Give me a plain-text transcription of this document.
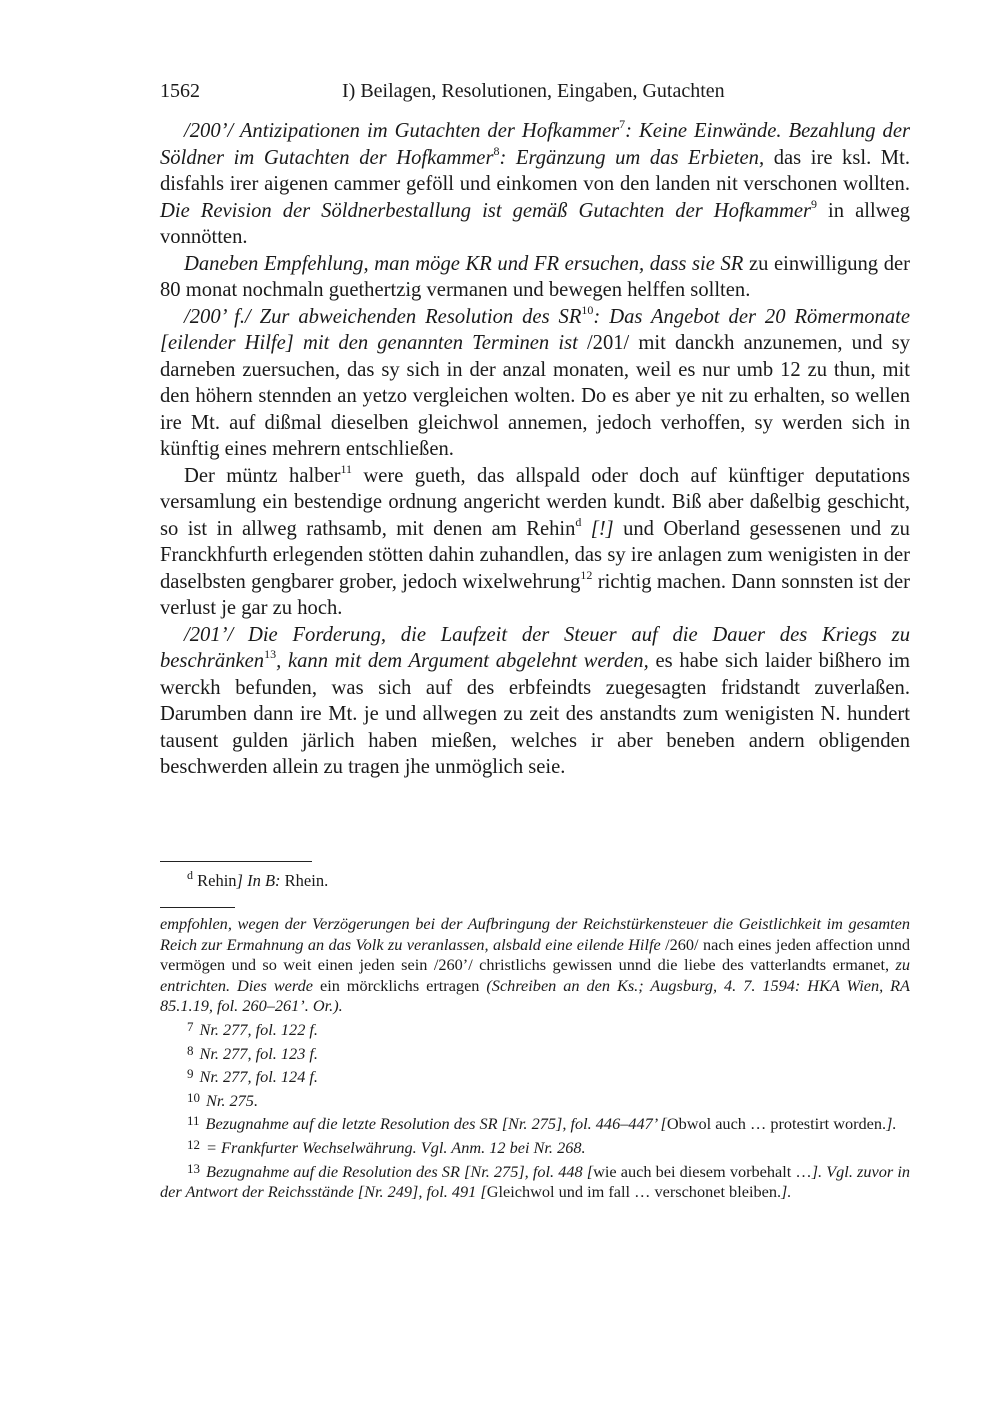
1562	I) Beilagen, Resolutionen, Eingaben, Gutachten

/200’/ Antizipationen im Gutachten der Hofkammer$^7$: Keine Einwände. Bezahlung der Söldner im Gutachten der Hofkammer$^8$: Ergänzung um das Erbieten, das ire ksl. Mt. disfahls irer aigenen cammer geföll und einkomen von den landen nit verschonen wollten. Die Revision der Söldnerbestallung ist gemäß Gutachten der Hofkammer$^9$ in allweg vonnötten.

Daneben Empfehlung, man möge KR und FR ersuchen, dass sie SR zu einwilligung der 80 monat nochmaln guethertzig vermanen und bewegen helffen sollten.

/200’ f./ Zur abweichenden Resolution des SR$^{10}$: Das Angebot der 20 Römermonate [eilender Hilfe] mit den genannten Terminen ist /201/ mit danckh anzunemen, und sy darneben zuersuchen, das sy sich in der anzal monaten, weil es nur umb 12 zu thun, mit den höhern stennden an yetzo vergleichen wolten. Do es aber ye nit zu erhalten, so wellen ire Mt. auf dißmal dieselben gleichwol annemen, jedoch verhoffen, sy werden sich in künftig eines mehrern entschließen.

Der müntz halber$^{11}$ were gueth, das allspald oder doch auf künftiger deputations versamlung ein bestendige ordnung angericht werden kundt. Biß aber daßelbig geschicht, so ist in allweg rathsamb, mit denen am Rehin$^d$ [!] und Oberland gesessenen und zu Franckhfurth erlegenden stötten dahin zuhandlen, das sy ire anlagen zum wenigisten in der daselbsten gengbarer grober, jedoch wixelwehrung$^{12}$ richtig machen. Dann sonnsten ist der verlust je gar zu hoch.

/201’/ Die Forderung, die Laufzeit der Steuer auf die Dauer des Kriegs zu beschränken$^{13}$, kann mit dem Argument abgelehnt werden, es habe sich laider bißhero im werckh befunden, was sich auf des erbfeindts zuegesagten fridstandt zuverlaßen. Darumben dann ire Mt. je und allwegen zu zeit des anstandts zum wenigisten N. hundert tausent gulden järlich haben mießen, welches ir aber beneben andern obligenden beschwerden allein zu tragen jhe unmöglich seie.

$^d$ Rehin] In B: Rhein.

empfohlen, wegen der Verzögerungen bei der Aufbringung der Reichstürkensteuer die Geistlichkeit im gesamten Reich zur Ermahnung an das Volk zu veranlassen, alsbald eine eilende Hilfe /260/ nach eines jeden affection unnd vermögen und so weit einen jeden sein /260’/ christlichs gewissen unnd die liebe des vatterlandts ermanet, zu entrichten. Dies werde ein mörcklichs ertragen (Schreiben an den Ks.; Augsburg, 4. 7. 1594: HKA Wien, RA 85.1.19, fol. 260–261’. Or.).

$^7$ Nr. 277, fol. 122 f.

$^8$ Nr. 277, fol. 123 f.

$^9$ Nr. 277, fol. 124 f.

$^{10}$ Nr. 275.

$^{11}$ Bezugnahme auf die letzte Resolution des SR [Nr. 275], fol. 446–447’ [Obwol auch … protestirt worden.].

$^{12}$ = Frankfurter Wechselwährung. Vgl. Anm. 12 bei Nr. 268.

$^{13}$ Bezugnahme auf die Resolution des SR [Nr. 275], fol. 448 [wie auch bei diesem vorbehalt …]. Vgl. zuvor in der Antwort der Reichsstände [Nr. 249], fol. 491 [Gleichwol und im fall … verschonet bleiben.].
